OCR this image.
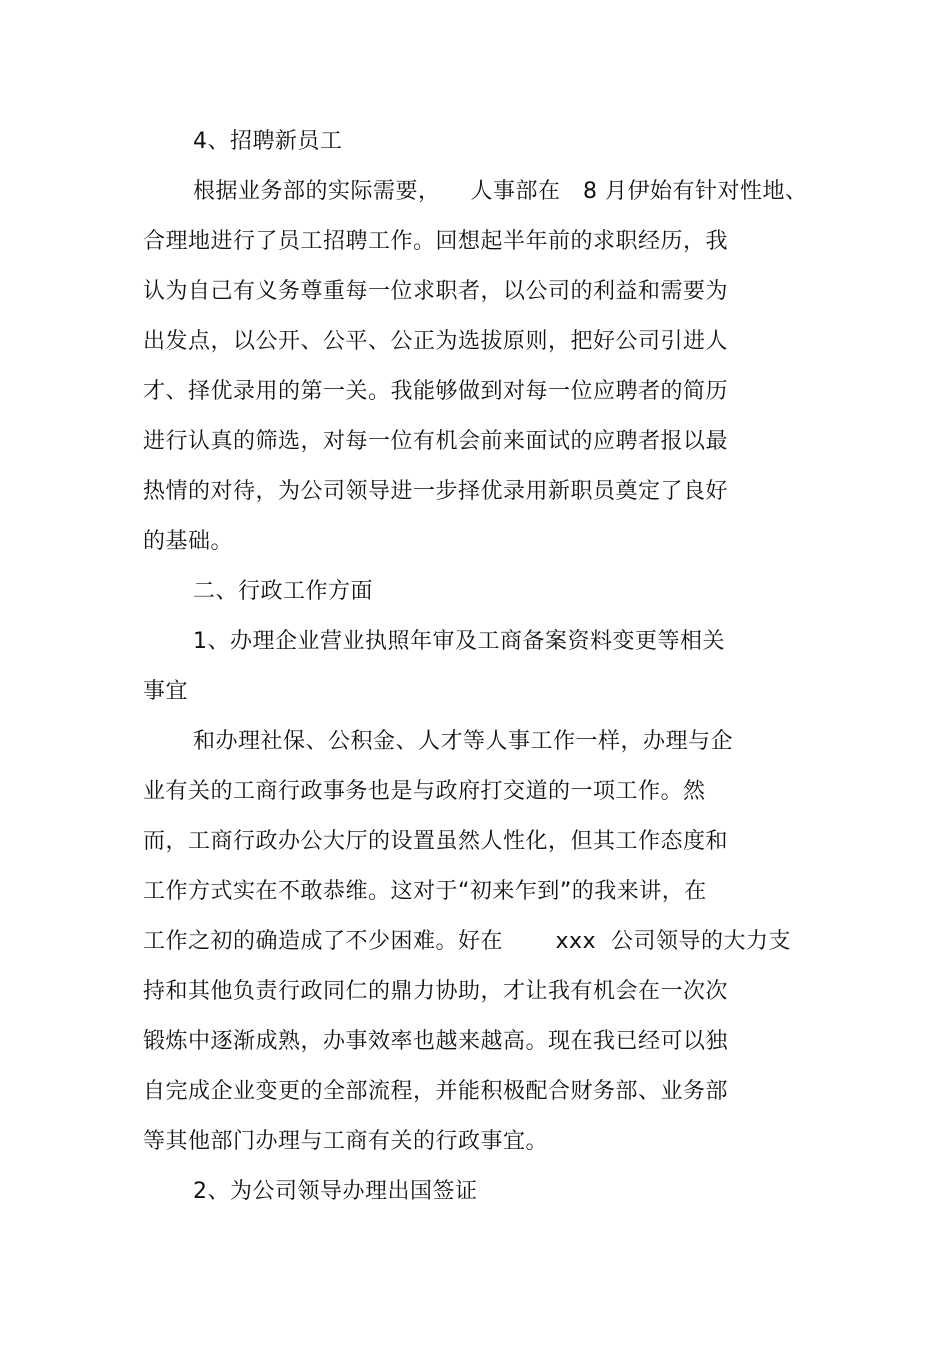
4、招聘新员工
根据业务部的实际需要，    人事部在   8 月伊始有针对性地、
合理地进行了员工招聘工作。回想起半年前的求职经历，我
认为自己有义务尊重每一位求职者，以公司的利益和需要为
出发点，以公开、公平、公正为选拔原则，把好公司引进人
才、择优录用的第一关。我能够做到对每一位应聘者的简历
进行认真的筛选，对每一位有机会前来面试的应聘者报以最
热情的对待，为公司领导进一步择优录用新职员奠定了良好
的基础。
二、行政工作方面
1、办理企业营业执照年审及工商备案资料变更等相关
事宜
和办理社保、公积金、人才等人事工作一样，办理与企
业有关的工商行政事务也是与政府打交道的一项工作。然
而，工商行政办公大厅的设置虽然人性化，但其工作态度和
工作方式实在不敢恭维。这对于“初来乍到”的我来讲，在
工作之初的确造成了不少困难。好在       xxx  公司领导的大力支
持和其他负责行政同仁的鼎力协助，才让我有机会在一次次
锻炼中逐渐成熟，办事效率也越来越高。现在我已经可以独
自完成企业变更的全部流程，并能积极配合财务部、业务部
等其他部门办理与工商有关的行政事宜。
2、为公司领导办理出国签证
